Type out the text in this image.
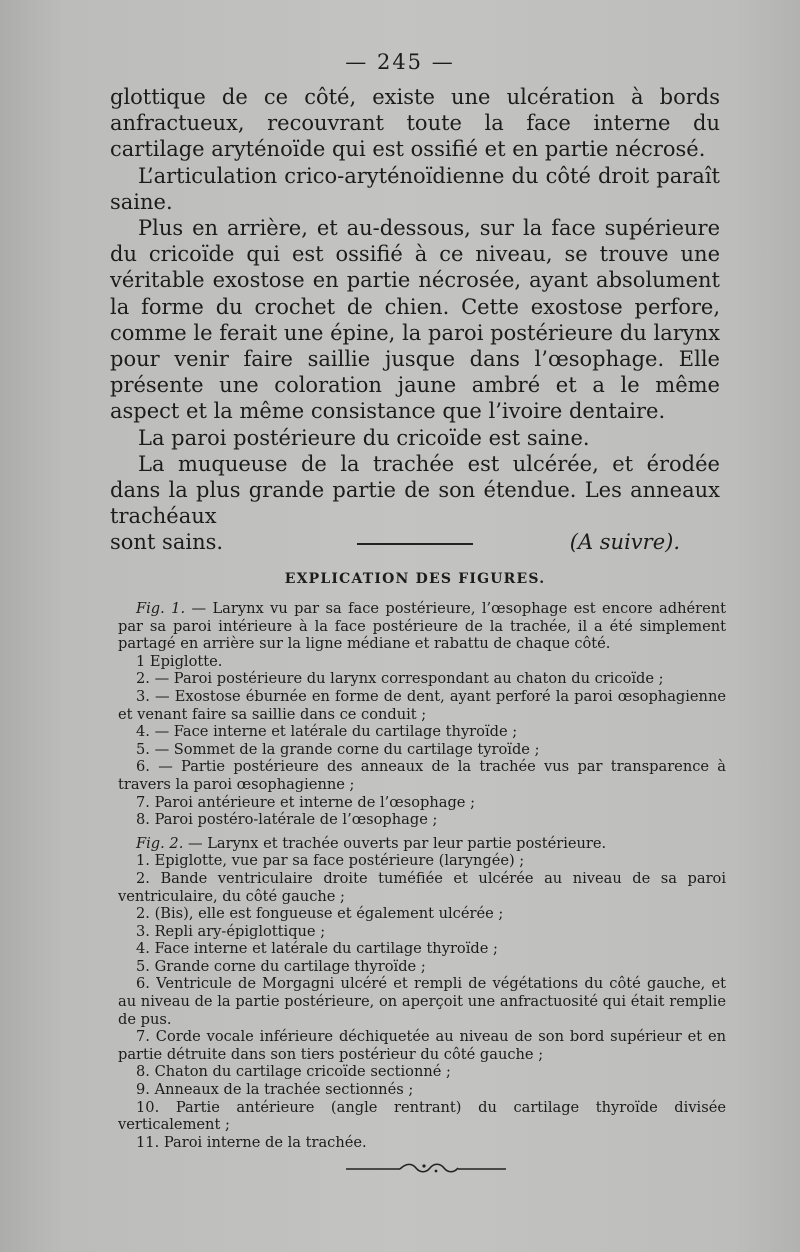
— 245 —

glottique de ce côté, existe une ulcération à bords anfractueux, recouvrant toute la face interne du cartilage aryténoïde qui est ossifié et en partie nécrosé.

L’articulation crico-aryténoïdienne du côté droit paraît saine.

Plus en arrière, et au-dessous, sur la face supérieure du cricoïde qui est ossifié à ce niveau, se trouve une véritable exostose en partie nécrosée, ayant absolument la forme du crochet de chien. Cette exostose perfore, comme le ferait une épine, la paroi postérieure du larynx pour venir faire saillie jusque dans l’œsophage. Elle présente une coloration jaune ambré et a le même aspect et la même consistance que l’ivoire dentaire.

La paroi postérieure du cricoïde est saine.

La muqueuse de la trachée est ulcérée, et érodée dans la plus grande partie de son étendue. Les anneaux trachéaux

sont sains.	(A suivre).
EXPLICATION DES FIGURES.

Fig. 1. — Larynx vu par sa face postérieure, l’œsophage est encore adhérent par sa paroi intérieure à la face postérieure de la trachée, il a été simplement partagé en arrière sur la ligne médiane et rabattu de chaque côté.

1 Epiglotte.

2. — Paroi postérieure du larynx correspondant au chaton du cricoïde ;

3. — Exostose éburnée en forme de dent, ayant perforé la paroi œsophagienne et venant faire sa saillie dans ce conduit ;

4. — Face interne et latérale du cartilage thyroïde ;

5. — Sommet de la grande corne du cartilage tyroïde ;

6. — Partie postérieure des anneaux de la trachée vus par transparence à travers la paroi œsophagienne ;

7. Paroi antérieure et interne de l’œsophage ;

8. Paroi postéro-latérale de l’œsophage ;

Fig. 2. — Larynx et trachée ouverts par leur partie postérieure.

1. Epiglotte, vue par sa face postérieure (laryngée) ;

2. Bande ventriculaire droite tuméfiée et ulcérée au niveau de sa paroi ventriculaire, du côté gauche ;

2. (Bis), elle est fongueuse et également ulcérée ;

3. Repli ary-épiglottique ;

4. Face interne et latérale du cartilage thyroïde ;

5. Grande corne du cartilage thyroïde ;

6. Ventricule de Morgagni ulcéré et rempli de végétations du côté gauche, et au niveau de la partie postérieure, on aperçoit une anfractuosité qui était remplie de pus.

7. Corde vocale inférieure déchiquetée au niveau de son bord supérieur et en partie détruite dans son tiers postérieur du côté gauche ;

8. Chaton du cartilage cricoïde sectionné ;

9. Anneaux de la trachée sectionnés ;

10. Partie antérieure (angle rentrant) du cartilage thyroïde divisée verticalement ;

11. Paroi interne de la trachée.
